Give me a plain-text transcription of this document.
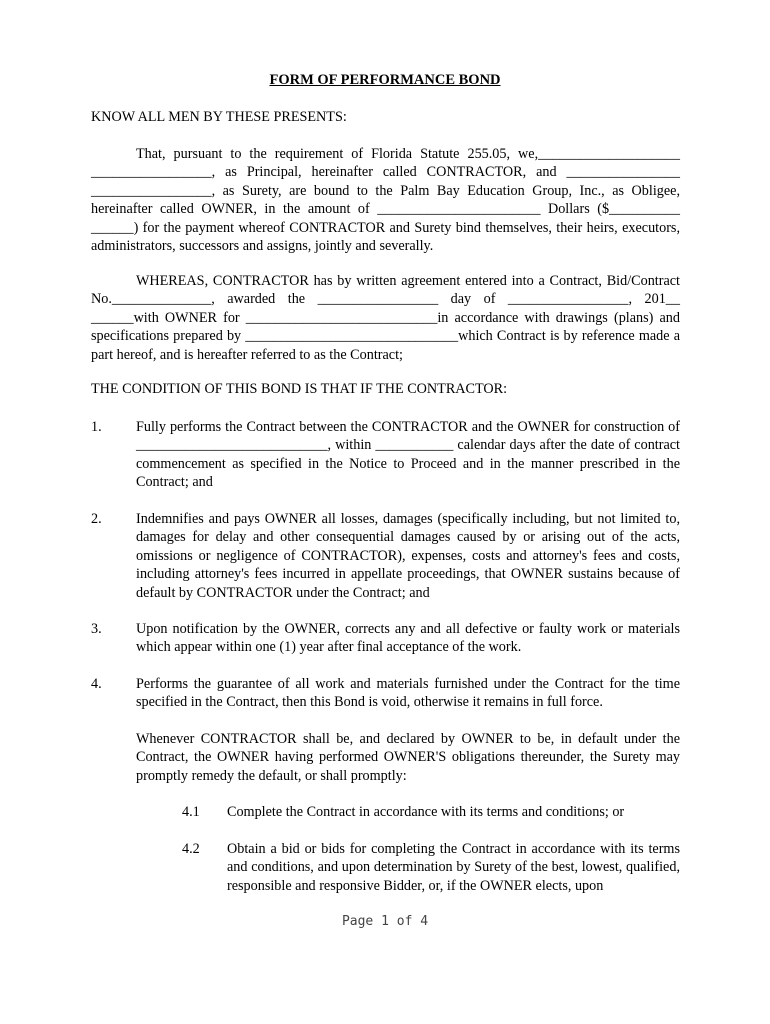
FORM OF PERFORMANCE BOND
KNOW ALL MEN BY THESE PRESENTS:
That, pursuant to the requirement of Florida Statute 255.05, we,____________________ _________________, as Principal, hereinafter called CONTRACTOR, and ________________ _________________, as Surety, are bound to the Palm Bay Education Group, Inc., as Obligee, hereinafter called OWNER, in the amount of _______________________ Dollars ($__________ ______) for the payment whereof CONTRACTOR and Surety bind themselves, their heirs, executors, administrators, successors and assigns, jointly and severally.
WHEREAS, CONTRACTOR has by written agreement entered into a Contract, Bid/Contract No.______________, awarded the _________________ day of _________________, 201__ ______with OWNER for ___________________________in accordance with drawings (plans) and specifications prepared by ______________________________which Contract is by reference made a part hereof, and is hereafter referred to as the Contract;
THE CONDITION OF THIS BOND IS THAT IF THE CONTRACTOR:
1. Fully performs the Contract between the CONTRACTOR and the OWNER for construction of ___________________________, within ___________ calendar days after the date of contract commencement as specified in the Notice to Proceed and in the manner prescribed in the Contract; and
2. Indemnifies and pays OWNER all losses, damages (specifically including, but not limited to, damages for delay and other consequential damages caused by or arising out of the acts, omissions or negligence of CONTRACTOR), expenses, costs and attorney's fees and costs, including attorney's fees incurred in appellate proceedings, that OWNER sustains because of default by CONTRACTOR under the Contract; and
3. Upon notification by the OWNER, corrects any and all defective or faulty work or materials which appear within one (1) year after final acceptance of the work.
4. Performs the guarantee of all work and materials furnished under the Contract for the time specified in the Contract, then this Bond is void, otherwise it remains in full force.
Whenever CONTRACTOR shall be, and declared by OWNER to be, in default under the Contract, the OWNER having performed OWNER'S obligations thereunder, the Surety may promptly remedy the default, or shall promptly:
4.1 Complete the Contract in accordance with its terms and conditions; or
4.2 Obtain a bid or bids for completing the Contract in accordance with its terms and conditions, and upon determination by Surety of the best, lowest, qualified, responsible and responsive Bidder, or, if the OWNER elects, upon
Page 1 of 4
